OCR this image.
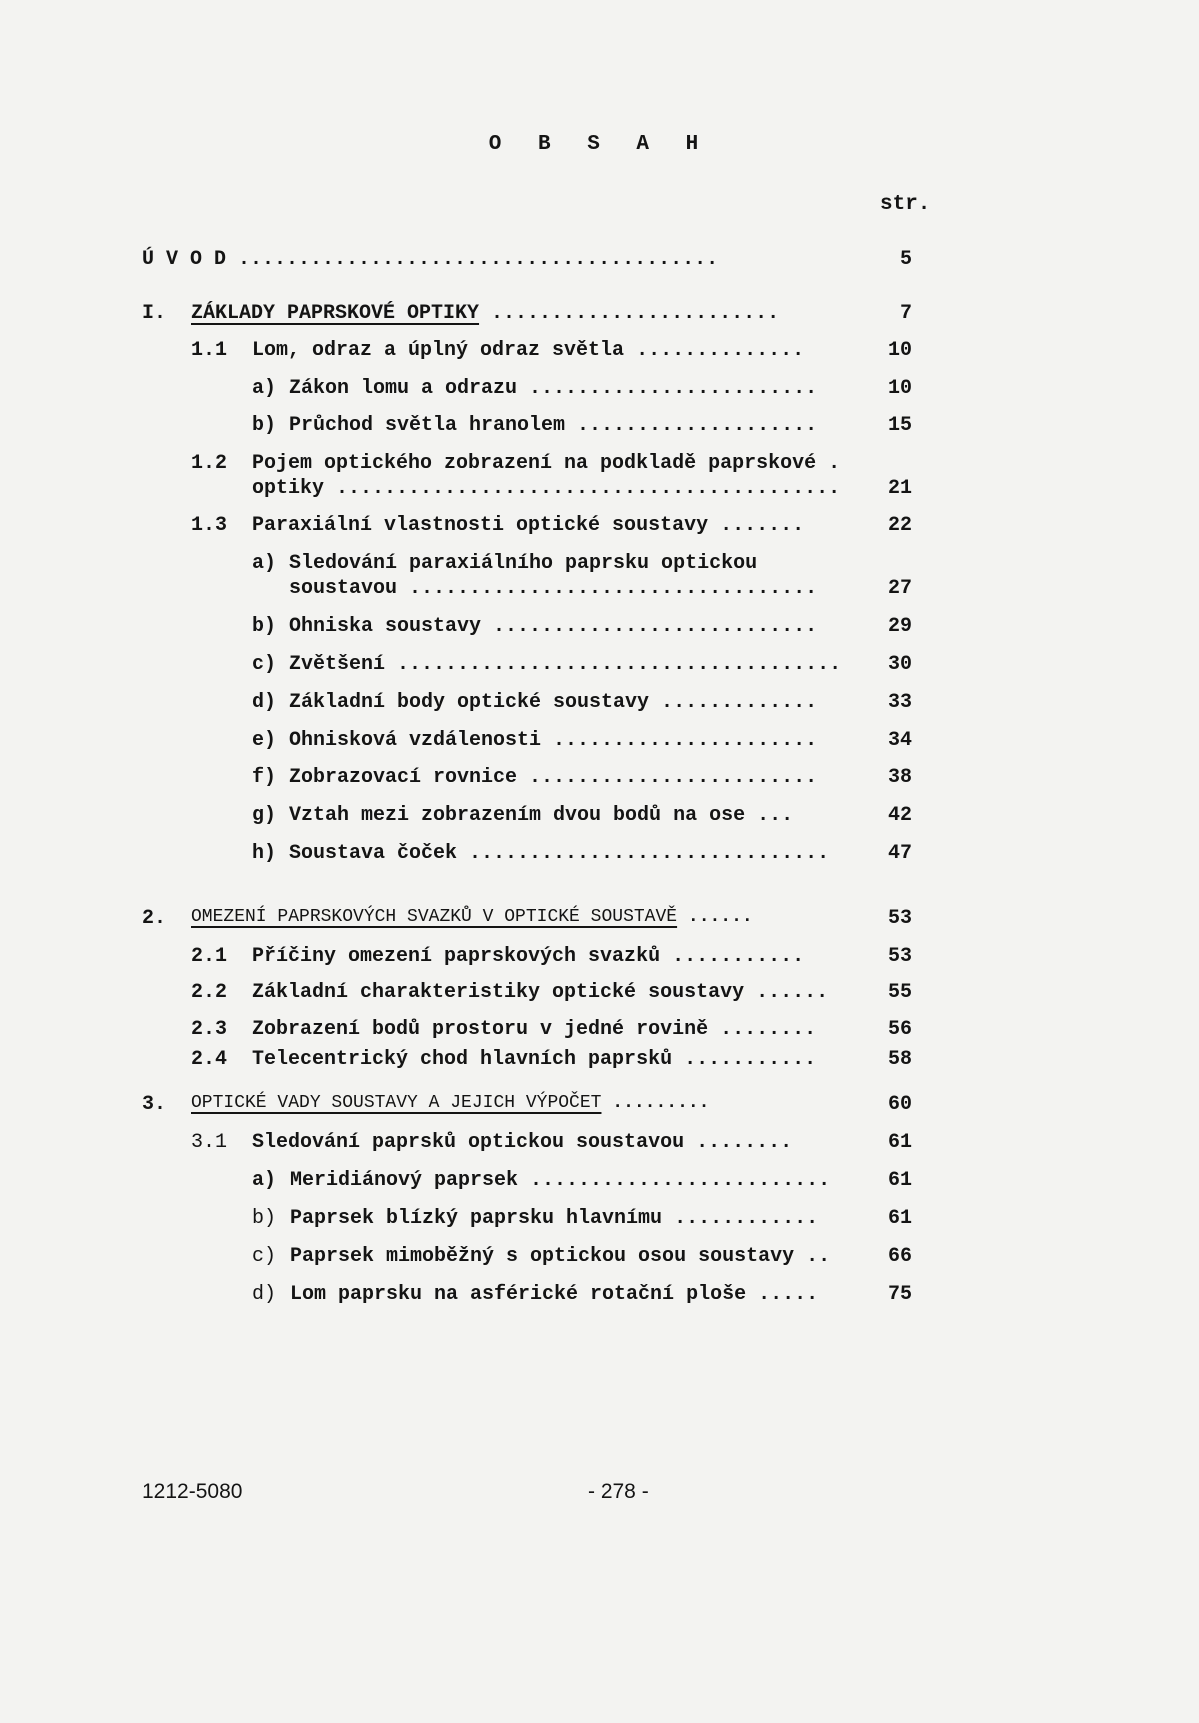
O B S A H
str.
Ú V O D ........................................	5
I. ZÁKLADY PAPRSKOVÉ OPTIKY ........................	7
1.1 Lom, odraz a úplný odraz světla ..............	10
a) Zákon lomu a odrazu ........................	10
b) Průchod světla hranolem ....................	15
1.2 Pojem optického zobrazení na podkladě paprskové .
optiky ..........................................	21
1.3 Paraxiální vlastnosti optické soustavy .......	22
a) Sledování paraxiálního paprsku optickou
soustavou ..................................	27
b) Ohniska soustavy ...........................	29
c) Zvětšení .....................................	30
d) Základní body optické soustavy .............	33
e) Ohnisková vzdálenosti ......................	34
f) Zobrazovací rovnice ........................	38
g) Vztah mezi zobrazením dvou bodů na ose ...	42
h) Soustava čoček ..............................	47
2. OMEZENÍ PAPRSKOVÝCH SVAZKŮ V OPTICKÉ SOUSTAVĚ ......	53
2.1 Příčiny omezení paprskových svazků ...........	53
2.2 Základní charakteristiky optické soustavy ......	55
2.3 Zobrazení bodů prostoru v jedné rovině ........	56
2.4 Telecentrický chod hlavních paprsků ...........	58
3. OPTICKÉ VADY SOUSTAVY A JEJICH VÝPOČET .........	60
3.1 Sledování paprsků optickou soustavou ........	61
a) Meridiánový paprsek .........................	61
b) Paprsek blízký paprsku hlavnímu ............	61
c) Paprsek mimoběžný s optickou osou soustavy ..	66
d) Lom paprsku na asférické rotační ploše .....	75
1212-5080	- 278 -
